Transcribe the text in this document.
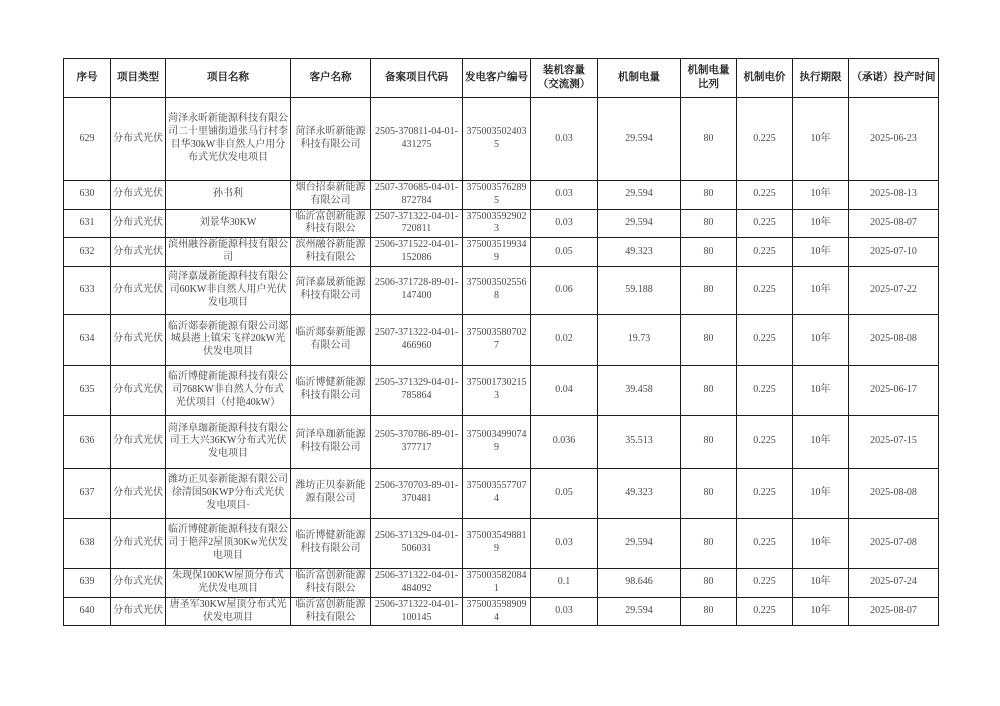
序号	项目类型	项目名称	客户名称	备案项目代码	发电客户编号	装机容量（交流测）	机制电量	机制电量比列	机制电价	执行期限	（承诺）投产时间
629	分布式光伏	菏泽永昕新能源科技有限公司二十里铺街道张马行村李目华30kW非自然人户用分布式光伏发电项目	菏泽永昕新能源科技有限公司	2505-370811-04-01-431275	3750035024035	0.03	29.594	80	0.225	10年	2025-06-23
630	分布式光伏	孙书利	烟台招泰新能源有限公司	2507-370685-04-01-872784	3750035762895	0.03	29.594	80	0.225	10年	2025-08-13
631	分布式光伏	刘景华30KW	临沂富创新能源科技有限公	2507-371322-04-01-720811	3750035929023	0.03	29.594	80	0.225	10年	2025-08-07
632	分布式光伏	滨州融谷新能源科技有限公司	滨州融谷新能源科技有限公	2506-371522-04-01-152086	3750035199349	0.05	49.323	80	0.225	10年	2025-07-10
633	分布式光伏	菏泽嘉晟新能源科技有限公司60KW非自然人用户光伏发电项目	菏泽嘉晟新能源科技有限公司	2506-371728-89-01-147400	3750035025568	0.06	59.188	80	0.225	10年	2025-07-22
634	分布式光伏	临沂郯泰新能源有限公司郯城县港上镇宋飞祥20kW光伏发电项目	临沂郯泰新能源有限公司	2507-371322-04-01-466960	3750035807027	0.02	19.73	80	0.225	10年	2025-08-08
635	分布式光伏	临沂博健新能源科技有限公司768KW非自然人分布式光伏项目（付艳40kW）	临沂博健新能源科技有限公司	2505-371329-04-01-785864	3750017302153	0.04	39.458	80	0.225	10年	2025-06-17
636	分布式光伏	菏泽阜珈新能源科技有限公司王大兴36KW分布式光伏发电项目	菏泽阜珈新能源科技有限公司	2505-370786-89-01-377717	3750034990749	0.036	35.513	80	0.225	10年	2025-07-15
637	分布式光伏	潍坊正贝泰新能源有限公司徐清国50KWP分布式光伏发电项目·	潍坊正贝泰新能源有限公司	2506-370703-89-01-370481	3750035577074	0.05	49.323	80	0.225	10年	2025-08-08
638	分布式光伏	临沂博健新能源科技有限公司于艳萍2屋顶30Kw光伏发电项目	临沂博健新能源科技有限公司	2506-371329-04-01-506031	3750035498819	0.03	29.594	80	0.225	10年	2025-07-08
639	分布式光伏	朱现保100KW屋顶分布式光伏发电项目	临沂富创新能源科技有限公	2506-371322-04-01-484092	3750035820841	0.1	98.646	80	0.225	10年	2025-07-24
640	分布式光伏	唐圣军30KW屋顶分布式光伏发电项目	临沂富创新能源科技有限公	2506-371322-04-01-100145	3750035989094	0.03	29.594	80	0.225	10年	2025-08-07
